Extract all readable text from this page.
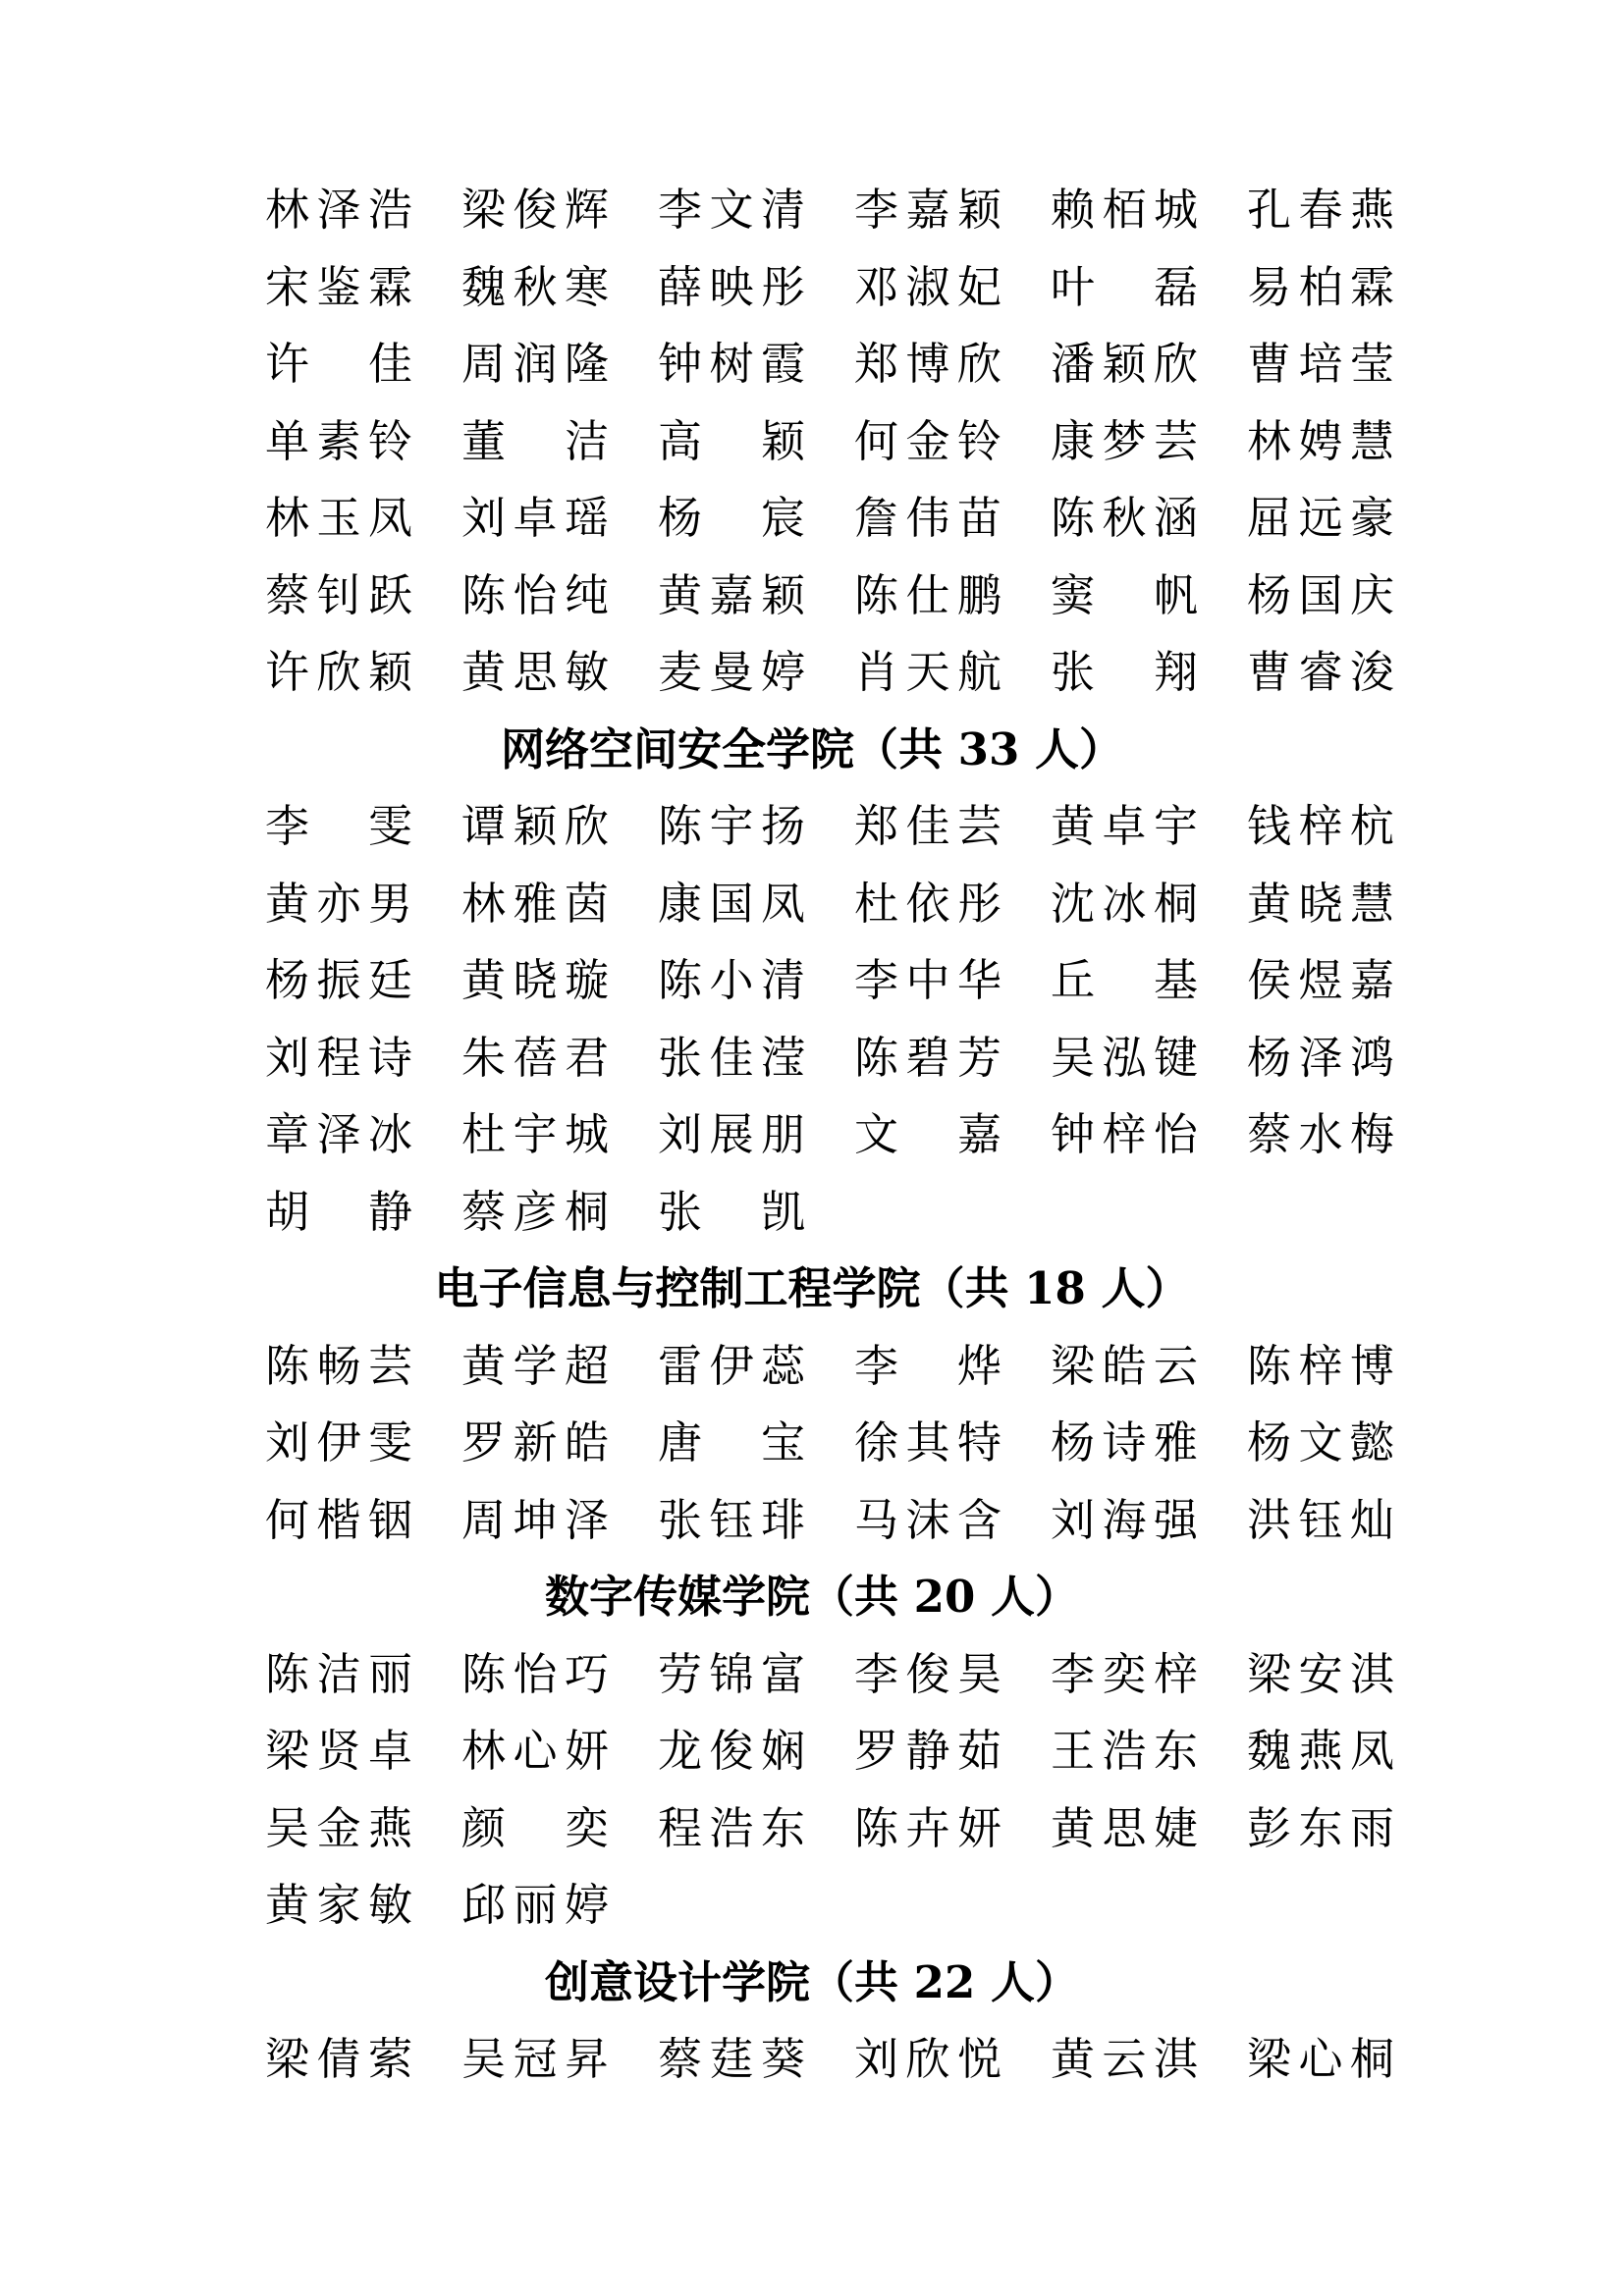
林 泽 浩 梁 俊 辉 李 文 清 李 嘉 颖 赖 栢 城 孔 春 燕
宋 鉴 霖 魏 秋 寒 薛 映 彤 邓 淑 妃 叶 磊 易 柏 霖
许 佳 周 润 隆 钟 树 霞 郑 博 欣 潘 颖 欣 曹 培 莹
单 素 铃 董 洁 高 颖 何 金 铃 康 梦 芸 林 娉 慧
林 玉 凤 刘 卓 瑶 杨 宸 詹 伟 苗 陈 秋 涵 屈 远 豪
蔡 钊 跃 陈 怡 纯 黄 嘉 颖 陈 仕 鹏 窦 帆 杨 国 庆
许 欣 颖 黄 思 敏 麦 曼 婷 肖 天 航 张 翔 曹 睿 浚
网络空间安全学院（共 33 人）
李 雯 谭 颖 欣 陈 宇 扬 郑 佳 芸 黄 卓 宇 钱 梓 杭
黄 亦 男 林 雅 茵 康 国 凤 杜 依 彤 沈 冰 桐 黄 晓 慧
杨 振 廷 黄 晓 璇 陈 小 清 李 中 华 丘 基 侯 煜 嘉
刘 程 诗 朱 蓓 君 张 佳 滢 陈 碧 芳 吴 泓 键 杨 泽 鸿
章 泽 冰 杜 宇 城 刘 展 朋 文 嘉 钟 梓 怡 蔡 水 梅
胡 静 蔡 彦 桐 张 凯
电子信息与控制工程学院（共 18 人）
陈 畅 芸 黄 学 超 雷 伊 蕊 李 烨 梁 皓 云 陈 梓 博
刘 伊 雯 罗 新 皓 唐 宝 徐 其 特 杨 诗 雅 杨 文 懿
何 楷 铟 周 坤 泽 张 钰 琲 马 沫 含 刘 海 强 洪 钰 灿
数字传媒学院（共 20 人）
陈 洁 丽 陈 怡 巧 劳 锦 富 李 俊 昊 李 奕 梓 梁 安 淇
梁 贤 卓 林 心 妍 龙 俊 娴 罗 静 茹 王 浩 东 魏 燕 凤
吴 金 燕 颜 奕 程 浩 东 陈 卉 妍 黄 思 婕 彭 东 雨
黄 家 敏 邱 丽 婷
创意设计学院（共 22 人）
梁 倩 萦 吴 冠 昇 蔡 莛 葵 刘 欣 悦 黄 云 淇 梁 心 桐
